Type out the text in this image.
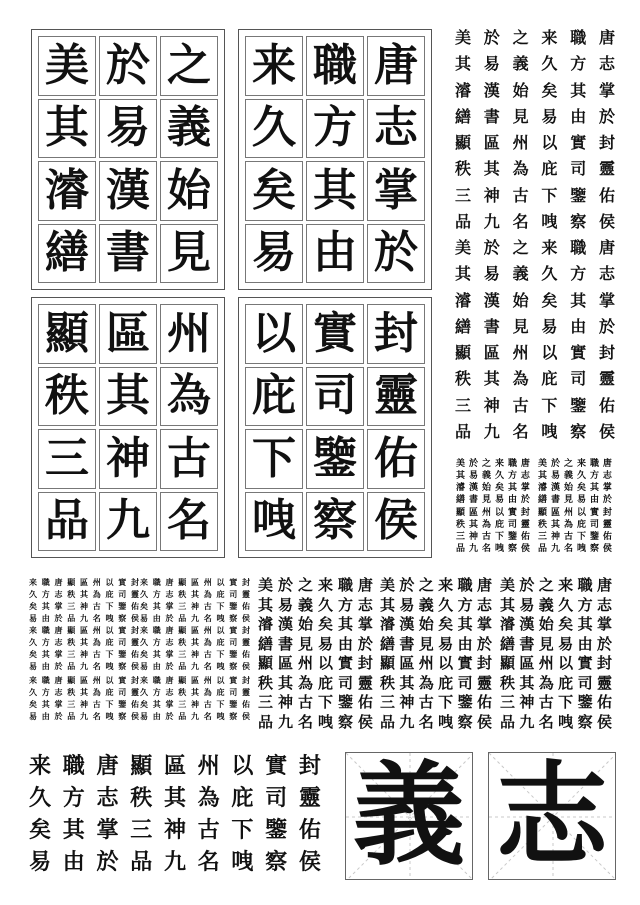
美 於 之
其 易 義
濬 漢 始
繕 書 見
来 職 唐
久 方 志
矣 其 掌
易 由 於
顯 區 州
秩 其 為
三 神 古
品 九 名
以 實 封
庇 司 靈
下 鑒 佑
㖂 察 侯
唐
志
掌
於
封
靈
佑
侯
職
方
其
由
實
司
鑒
察
来
久
矣
易
以
庇
下
㖂
之
義
始
見
州
為
古
名
於
易
漢
書
區
其
神
九
美
其
濬
繕
顯
秩
三
品
唐
志
掌
於
封
靈
佑
侯
職
方
其
由
實
司
鑒
察
来
久
矣
易
以
庇
下
㖂
之
義
始
見
州
為
古
名
於
易
漢
書
區
其
神
九
美
其
濬
繕
顯
秩
三
品
唐
志
掌
於
封
靈
佑
侯
職
方
其
由
實
司
鑒
察
来
久
矣
易
以
庇
下
㖂
之
義
始
見
州
為
古
名
於
易
漢
書
區
其
神
九
美
其
濬
繕
顯
秩
三
品
唐
志
掌
於
封
靈
佑
侯
職
方
其
由
實
司
鑒
察
来
久
矣
易
以
庇
下
㖂
之
義
始
見
州
為
古
名
於
易
漢
書
區
其
神
九
美
其
濬
繕
顯
秩
三
品
唐
志
掌
於
封
靈
佑
侯
職
方
其
由
實
司
鑒
察
来
久
矣
易
以
庇
下
㖂
之
義
始
見
州
為
古
名
於
易
漢
書
區
其
神
九
美
其
濬
繕
顯
秩
三
品
唐
志
掌
於
封
靈
佑
侯
職
方
其
由
實
司
鑒
察
来
久
矣
易
以
庇
下
㖂
之
義
始
見
州
為
古
名
於
易
漢
書
區
其
神
九
美
其
濬
繕
顯
秩
三
品
唐
志
掌
於
封
靈
佑
侯
職
方
其
由
實
司
鑒
察
来
久
矣
易
以
庇
下
㖂
之
義
始
見
州
為
古
名
於
易
漢
書
區
其
神
九
美
其
濬
繕
顯
秩
三
品
来 職 唐 顯 區 州 以 實 封
久 方 志 秩 其 為 庇 司 靈
矣 其 掌 三 神 古 下 鑒 佑
易 由 於 品 九 名 㖂 察 侯
来 職 唐 顯 區 州 以 實 封
久 方 志 秩 其 為 庇 司 靈
矣 其 掌 三 神 古 下 鑒 佑
易 由 於 品 九 名 㖂 察 侯
来 職 唐 顯 區 州 以 實 封
久 方 志 秩 其 為 庇 司 靈
矣 其 掌 三 神 古 下 鑒 佑
易 由 於 品 九 名 㖂 察 侯
来 職 唐 顯 區 州 以 實 封
久 方 志 秩 其 為 庇 司 靈
矣 其 掌 三 神 古 下 鑒 佑
易 由 於 品 九 名 㖂 察 侯
来 職 唐 顯 區 州 以 實 封
久 方 志 秩 其 為 庇 司 靈
矣 其 掌 三 神 古 下 鑒 佑
易 由 於 品 九 名 㖂 察 侯
来 職 唐 顯 區 州 以 實 封
久 方 志 秩 其 為 庇 司 靈
矣 其 掌 三 神 古 下 鑒 佑
易 由 於 品 九 名 㖂 察 侯
来 職 唐 顯 區 州 以 實 封
久 方 志 秩 其 為 庇 司 靈
矣 其 掌 三 神 古 下 鑒 佑
易 由 於 品 九 名 㖂 察 侯 義 志
